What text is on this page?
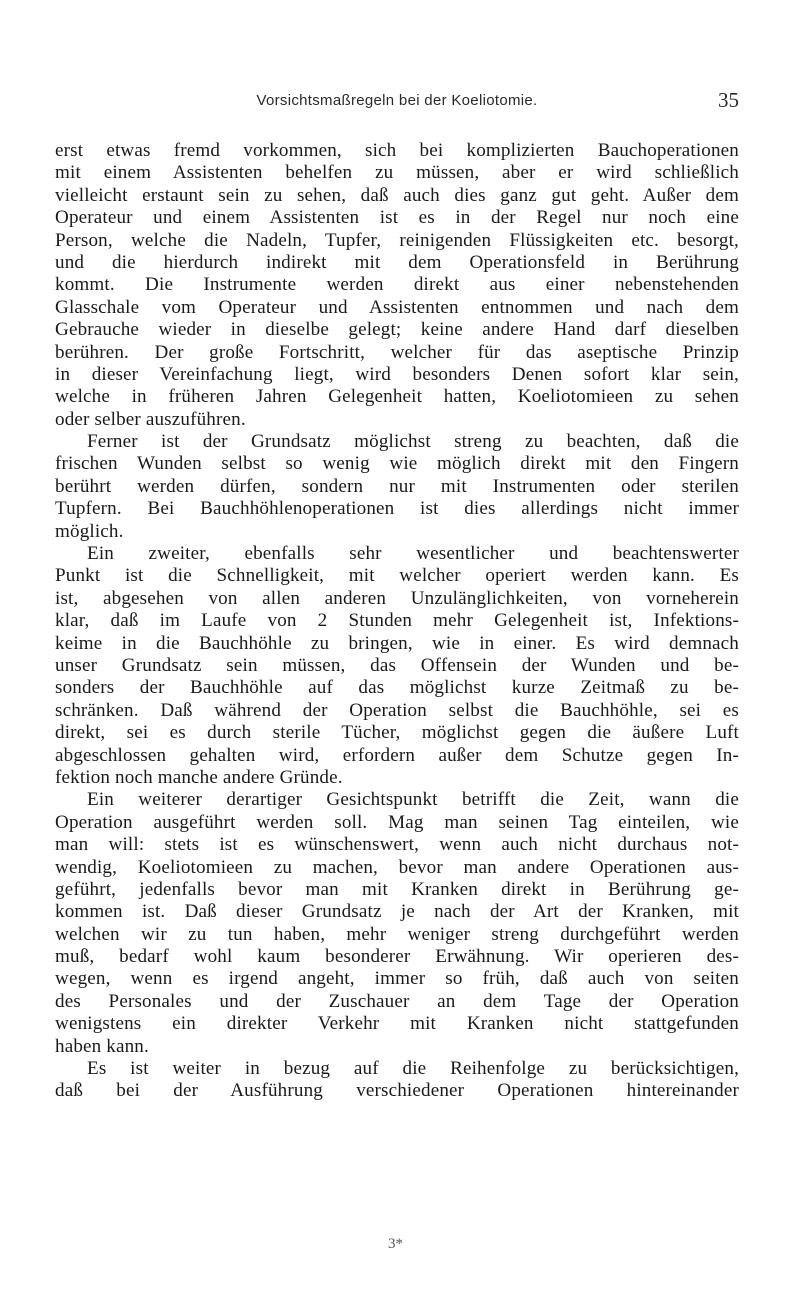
Vorsichtsmaßregeln bei der Koeliotomie.	35
erst etwas fremd vorkommen, sich bei komplizierten Bauchoperationen
mit einem Assistenten behelfen zu müssen, aber er wird schließlich
vielleicht erstaunt sein zu sehen, daß auch dies ganz gut geht. Außer dem
Operateur und einem Assistenten ist es in der Regel nur noch eine
Person, welche die Nadeln, Tupfer, reinigenden Flüssigkeiten etc. besorgt,
und die hierdurch indirekt mit dem Operationsfeld in Berührung
kommt. Die Instrumente werden direkt aus einer nebenstehenden
Glasschale vom Operateur und Assistenten entnommen und nach dem
Gebrauche wieder in dieselbe gelegt; keine andere Hand darf dieselben
berühren. Der große Fortschritt, welcher für das aseptische Prinzip
in dieser Vereinfachung liegt, wird besonders Denen sofort klar sein,
welche in früheren Jahren Gelegenheit hatten, Koeliotomieen zu sehen
oder selber auszuführen.
Ferner ist der Grundsatz möglichst streng zu beachten, daß die
frischen Wunden selbst so wenig wie möglich direkt mit den Fingern
berührt werden dürfen, sondern nur mit Instrumenten oder sterilen
Tupfern. Bei Bauchhöhlenoperationen ist dies allerdings nicht immer
möglich.
Ein zweiter, ebenfalls sehr wesentlicher und beachtenswerter
Punkt ist die Schnelligkeit, mit welcher operiert werden kann. Es
ist, abgesehen von allen anderen Unzulänglichkeiten, von vorneherein
klar, daß im Laufe von 2 Stunden mehr Gelegenheit ist, Infektions-
keime in die Bauchhöhle zu bringen, wie in einer. Es wird demnach
unser Grundsatz sein müssen, das Offensein der Wunden und be-
sonders der Bauchhöhle auf das möglichst kurze Zeitmaß zu be-
schränken. Daß während der Operation selbst die Bauchhöhle, sei es
direkt, sei es durch sterile Tücher, möglichst gegen die äußere Luft
abgeschlossen gehalten wird, erfordern außer dem Schutze gegen In-
fektion noch manche andere Gründe.
Ein weiterer derartiger Gesichtspunkt betrifft die Zeit, wann die
Operation ausgeführt werden soll. Mag man seinen Tag einteilen, wie
man will: stets ist es wünschenswert, wenn auch nicht durchaus not-
wendig, Koeliotomieen zu machen, bevor man andere Operationen aus-
geführt, jedenfalls bevor man mit Kranken direkt in Berührung ge-
kommen ist. Daß dieser Grundsatz je nach der Art der Kranken, mit
welchen wir zu tun haben, mehr weniger streng durchgeführt werden
muß, bedarf wohl kaum besonderer Erwähnung. Wir operieren des-
wegen, wenn es irgend angeht, immer so früh, daß auch von seiten
des Personales und der Zuschauer an dem Tage der Operation
wenigstens ein direkter Verkehr mit Kranken nicht stattgefunden
haben kann.
Es ist weiter in bezug auf die Reihenfolge zu berücksichtigen,
daß bei der Ausführung verschiedener Operationen hintereinander
3*
